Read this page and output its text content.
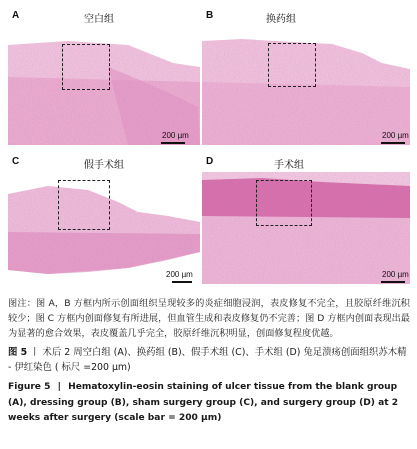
A	空白组
200 µm
B	换药组
200 µm
C	假手术组
200 µm
D	手术组
200 µm
图注：图 A，B 方框内所示创面组织呈现较多的炎症细胞浸润，表皮修复不完全，且胶原纤维沉积较少；图 C 方框内创面修复有所进展，但血管生成和表皮修复仍不完善；图 D 方框内创面表现出最为显著的愈合效果，表皮覆盖几乎完全，胶原纤维沉积明显，创面修复程度优越。
图 5 丨 术后 2 周空白组 (A)、换药组 (B)、假手术组 (C)、手术组 (D) 兔足溃疡创面组织苏木精 - 伊红染色 ( 标尺 =200 µm)
Figure 5 | Hematoxylin-eosin staining of ulcer tissue from the blank group (A), dressing group (B), sham surgery group (C), and surgery group (D) at 2 weeks after surgery (scale bar = 200 µm)
